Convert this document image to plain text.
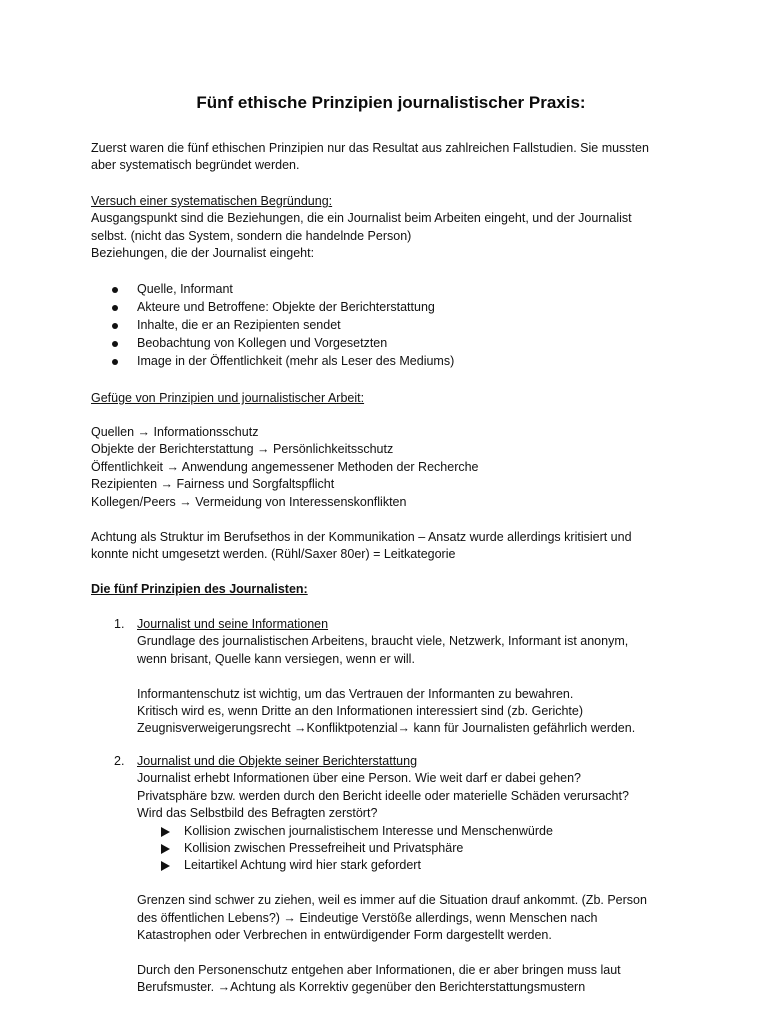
Fünf ethische Prinzipien journalistischer Praxis:
Zuerst waren die fünf ethischen Prinzipien nur das Resultat aus zahlreichen Fallstudien. Sie mussten
aber systematisch begründet werden.
Versuch einer systematischen Begründung:
Ausgangspunkt sind die Beziehungen, die ein Journalist beim Arbeiten eingeht, und der Journalist
selbst. (nicht das System, sondern die handelnde Person)
Beziehungen, die der Journalist eingeht:
Quelle, Informant
Akteure und Betroffene: Objekte der Berichterstattung
Inhalte, die er an Rezipienten sendet
Beobachtung von Kollegen und Vorgesetzten
Image in der Öffentlichkeit (mehr als Leser des Mediums)
Gefüge von Prinzipien und journalistischer Arbeit:
Quellen → Informationsschutz
Objekte der Berichterstattung → Persönlichkeitsschutz
Öffentlichkeit → Anwendung angemessener Methoden der Recherche
Rezipienten → Fairness und Sorgfaltspflicht
Kollegen/Peers → Vermeidung von Interessenskonflikten
Achtung als Struktur im Berufsethos in der Kommunikation – Ansatz wurde allerdings kritisiert und
konnte nicht umgesetzt werden. (Rühl/Saxer 80er) = Leitkategorie
Die fünf Prinzipien des Journalisten:
1. Journalist und seine Informationen
Grundlage des journalistischen Arbeitens, braucht viele, Netzwerk, Informant ist anonym,
wenn brisant, Quelle kann versiegen, wenn er will.
Informantenschutz ist wichtig, um das Vertrauen der Informanten zu bewahren.
Kritisch wird es, wenn Dritte an den Informationen interessiert sind (zb. Gerichte)
Zeugnisverweigerungsrecht →Konfliktpotenzial→ kann für Journalisten gefährlich werden.
2. Journalist und die Objekte seiner Berichterstattung
Journalist erhebt Informationen über eine Person. Wie weit darf er dabei gehen?
Privatsphäre bzw. werden durch den Bericht ideelle oder materielle Schäden verursacht?
Wird das Selbstbild des Befragten zerstört?
Kollision zwischen journalistischem Interesse und Menschenwürde
Kollision zwischen Pressefreiheit und Privatsphäre
Leitartikel Achtung wird hier stark gefordert
Grenzen sind schwer zu ziehen, weil es immer auf die Situation drauf ankommt. (Zb. Person
des öffentlichen Lebens?) → Eindeutige Verstöße allerdings, wenn Menschen nach
Katastrophen oder Verbrechen in entwürdigender Form dargestellt werden.
Durch den Personenschutz entgehen aber Informationen, die er aber bringen muss laut
Berufsmuster. →Achtung als Korrektiv gegenüber den Berichterstattungsmustern
